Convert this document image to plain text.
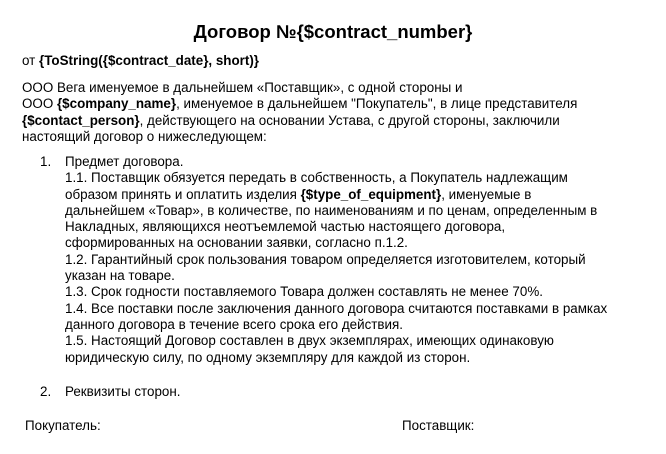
Договор №{$contract_number}
от {ToString({$contract_date}, short)}
ООО Вега именуемое в дальнейшем «Поставщик», с одной стороны и
ООО {$company_name}, именуемое в дальнейшем "Покупатель", в лице представителя
{$contact_person}, действующего на основании Устава, с другой стороны, заключили
настоящий договор о нижеследующем:
1. Предмет договора.
1.1. Поставщик обязуется передать в собственность, а Покупатель надлежащим
образом принять и оплатить изделия {$type_of_equipment}, именуемые в
дальнейшем «Товар», в количестве, по наименованиям и по ценам, определенным в
Накладных, являющихся неотъемлемой частью настоящего договора,
сформированных на основании заявки, согласно п.1.2.
1.2. Гарантийный срок пользования товаром определяется изготовителем, который
указан на товаре.
1.3. Срок годности поставляемого Товара должен составлять не менее 70%.
1.4. Все поставки после заключения данного договора считаются поставками в рамках
данного договора в течение всего срока его действия.
1.5. Настоящий Договор составлен в двух экземплярах, имеющих одинаковую
юридическую силу, по одному экземпляру для каждой из сторон.
2. Реквизиты сторон.
Покупатель:	Поставщик:
